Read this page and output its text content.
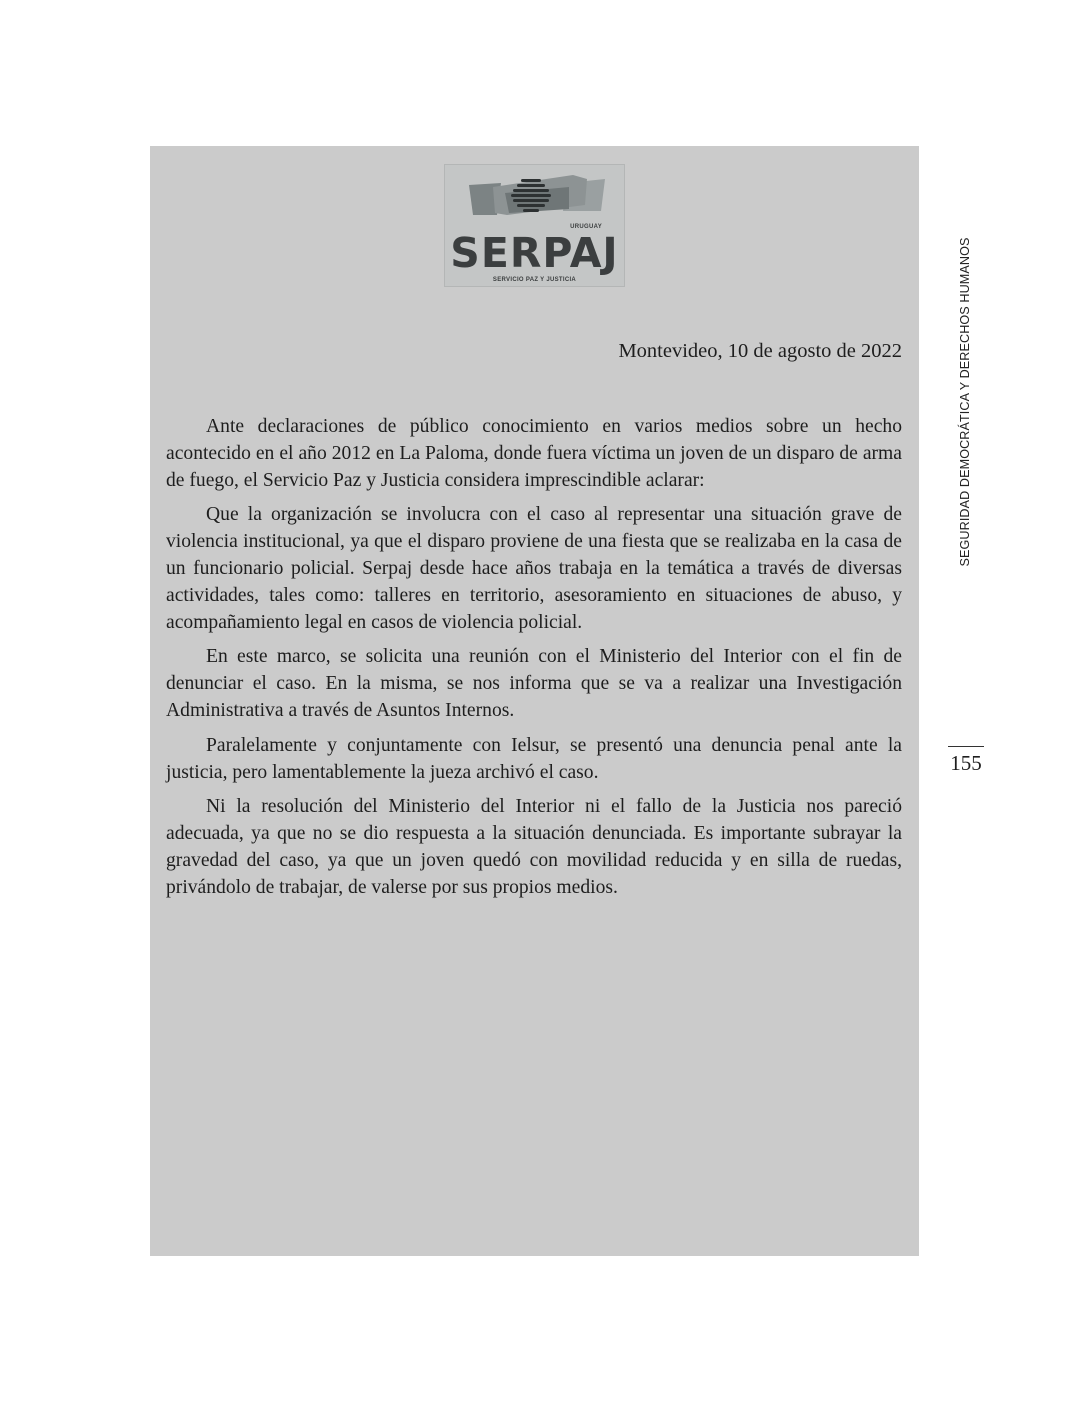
URUGUAY
SERPAJ
SERVICIO PAZ Y JUSTICIA
Montevideo, 10 de agosto de 2022

Ante declaraciones de público conocimiento en varios medios sobre un hecho acontecido en el año 2012 en La Paloma, donde fuera víctima un joven de un disparo de arma de fuego, el Servicio Paz y Justicia considera imprescindible aclarar:

Que la organización se involucra con el caso al representar una situación grave de violencia institucional, ya que el disparo proviene de una fiesta que se realizaba en la casa de un funcionario policial. Serpaj desde hace años trabaja en la temática a través de diversas actividades, tales como: talleres en territorio, asesoramiento en situaciones de abuso, y acompañamiento legal en casos de violencia policial.

En este marco, se solicita una reunión con el Ministerio del Interior con el fin de denunciar el caso. En la misma, se nos informa que se va a realizar una Investigación Administrativa a través de Asuntos Internos.

Paralelamente y conjuntamente con Ielsur, se presentó una denuncia penal ante la justicia, pero lamentablemente la jueza archivó el caso.

Ni la resolución del Ministerio del Interior ni el fallo de la Justicia nos pareció adecuada, ya que no se dio respuesta a la situación denunciada. Es importante subrayar la gravedad del caso, ya que un joven quedó con movilidad reducida y en silla de ruedas, privándolo de trabajar, de valerse por sus propios medios.

SEGURIDAD DEMOCRÁTICA Y DERECHOS HUMANOS
155
